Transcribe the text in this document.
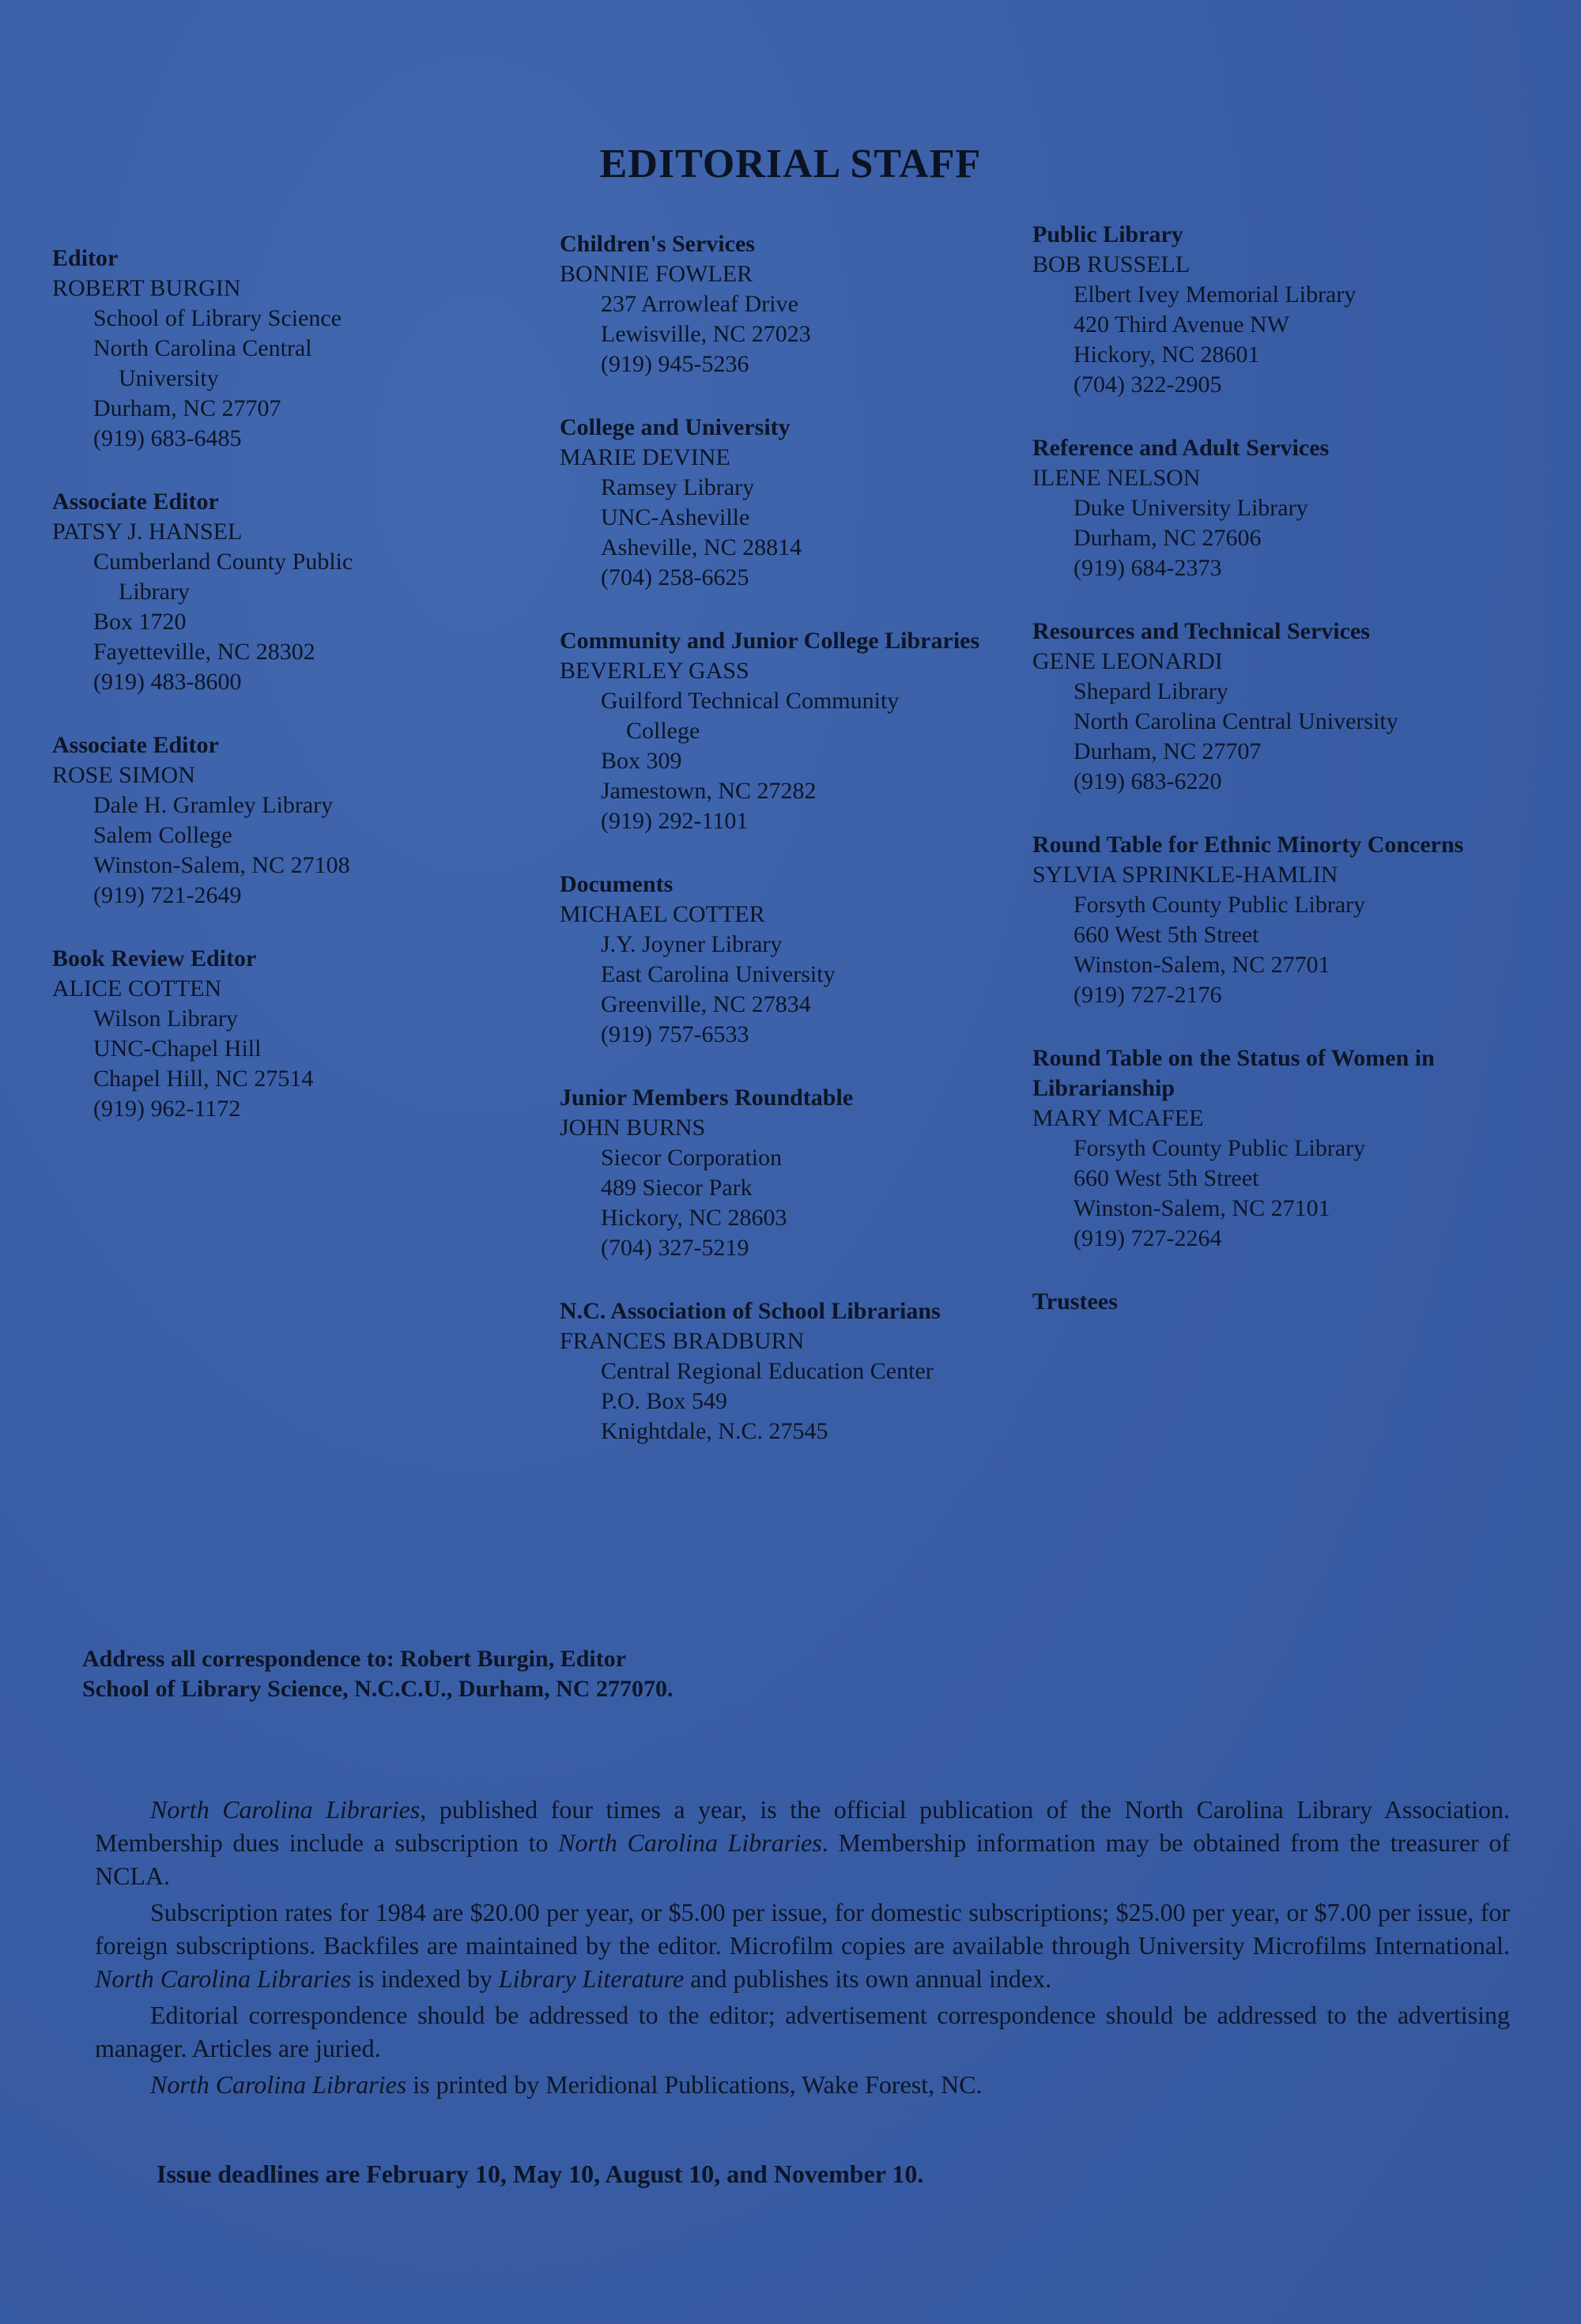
EDITORIAL STAFF
Editor
ROBERT BURGIN
School of Library Science
North Carolina Central
University
Durham, NC 27707
(919) 683-6485
Associate Editor
PATSY J. HANSEL
Cumberland County Public
Library
Box 1720
Fayetteville, NC 28302
(919) 483-8600
Associate Editor
ROSE SIMON
Dale H. Gramley Library
Salem College
Winston-Salem, NC 27108
(919) 721-2649
Book Review Editor
ALICE COTTEN
Wilson Library
UNC-Chapel Hill
Chapel Hill, NC 27514
(919) 962-1172
Children's Services
BONNIE FOWLER
237 Arrowleaf Drive
Lewisville, NC 27023
(919) 945-5236
College and University
MARIE DEVINE
Ramsey Library
UNC-Asheville
Asheville, NC 28814
(704) 258-6625
Community and Junior College Libraries
BEVERLEY GASS
Guilford Technical Community
College
Box 309
Jamestown, NC 27282
(919) 292-1101
Documents
MICHAEL COTTER
J.Y. Joyner Library
East Carolina University
Greenville, NC 27834
(919) 757-6533
Junior Members Roundtable
JOHN BURNS
Siecor Corporation
489 Siecor Park
Hickory, NC 28603
(704) 327-5219
N.C. Association of School Librarians
FRANCES BRADBURN
Central Regional Education Center
P.O. Box 549
Knightdale, N.C. 27545
Public Library
BOB RUSSELL
Elbert Ivey Memorial Library
420 Third Avenue NW
Hickory, NC 28601
(704) 322-2905
Reference and Adult Services
ILENE NELSON
Duke University Library
Durham, NC 27606
(919) 684-2373
Resources and Technical Services
GENE LEONARDI
Shepard Library
North Carolina Central University
Durham, NC 27707
(919) 683-6220
Round Table for Ethnic Minorty Concerns
SYLVIA SPRINKLE-HAMLIN
Forsyth County Public Library
660 West 5th Street
Winston-Salem, NC 27701
(919) 727-2176
Round Table on the Status of Women in Librarianship
MARY MCAFEE
Forsyth County Public Library
660 West 5th Street
Winston-Salem, NC 27101
(919) 727-2264
Trustees
Address all correspondence to: Robert Burgin, Editor
School of Library Science, N.C.C.U., Durham, NC 277070.

North Carolina Libraries, published four times a year, is the official publication of the North Carolina Library Association. Membership dues include a subscription to North Carolina Libraries. Membership information may be obtained from the treasurer of NCLA.

Subscription rates for 1984 are $20.00 per year, or $5.00 per issue, for domestic subscriptions; $25.00 per year, or $7.00 per issue, for foreign subscriptions. Backfiles are maintained by the editor. Microfilm copies are available through University Microfilms International. North Carolina Libraries is indexed by Library Literature and publishes its own annual index.

Editorial correspondence should be addressed to the editor; advertisement correspondence should be addressed to the advertising manager. Articles are juried.

North Carolina Libraries is printed by Meridional Publications, Wake Forest, NC.

Issue deadlines are February 10, May 10, August 10, and November 10.
